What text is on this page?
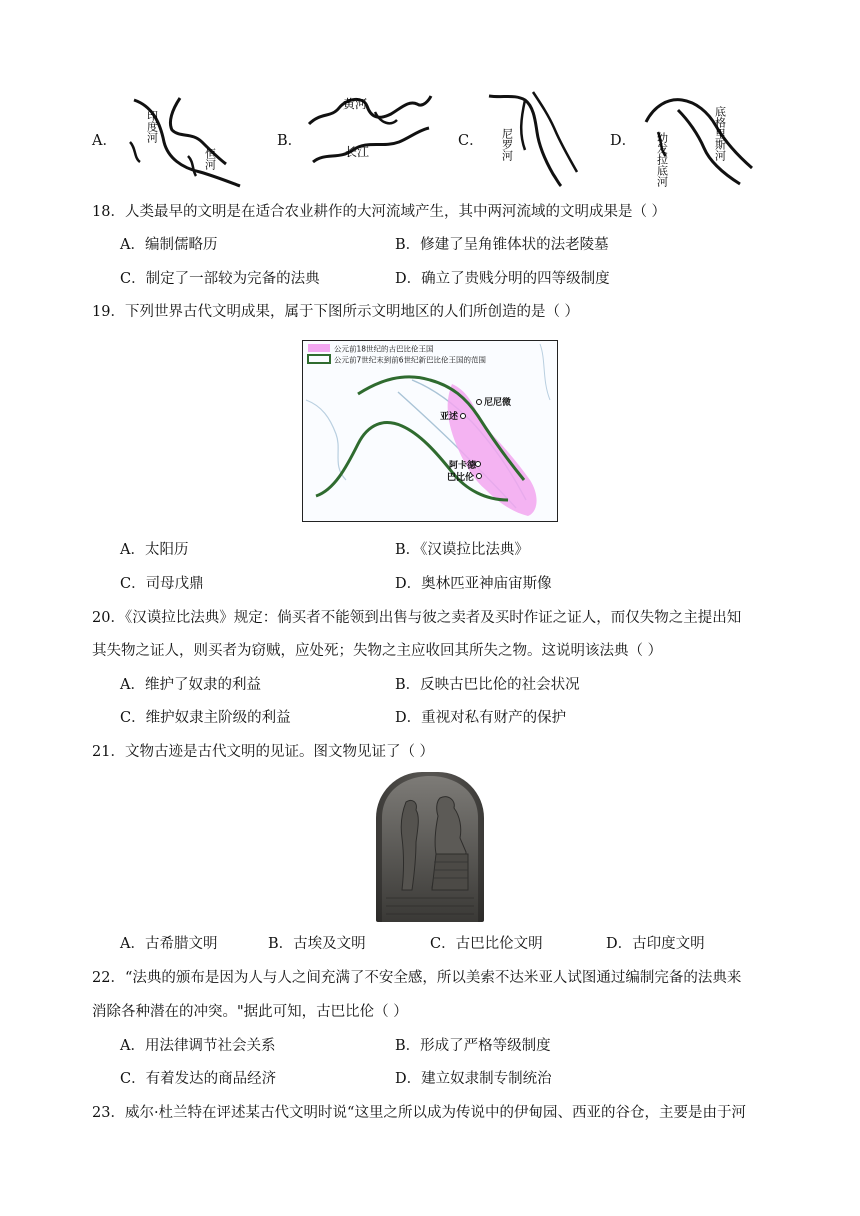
A．	印度河
恒河
B．
黄河
长江
C． 尼罗河	D． 幼发拉底河	底格里斯河
18．人类最早的文明是在适合农业耕作的大河流域产生，其中两河流域的文明成果是（ ）
A．编制儒略历	B．修建了呈角锥体状的法老陵墓
C．制定了一部较为完备的法典	D．确立了贵贱分明的四等级制度
19．下列世界古代文明成果，属于下图所示文明地区的人们所创造的是（ ）
公元前18世纪的古巴比伦王国
公元前7世纪末到前6世纪新巴比伦王国的范围
尼尼微
亚述
阿卡德
巴比伦
A．太阳历	B．《汉谟拉比法典》
C．司母戊鼎	D．奥林匹亚神庙宙斯像
20．《汉谟拉比法典》规定：倘买者不能领到出售与彼之卖者及买时作证之证人，而仅失物之主提出知
其失物之证人，则买者为窃贼，应处死；失物之主应收回其所失之物。这说明该法典（ ）
A．维护了奴隶的利益	B．反映古巴比伦的社会状况
C．维护奴隶主阶级的利益	D．重视对私有财产的保护
21．文物古迹是古代文明的见证。图文物见证了（ ）
A．古希腊文明	B．古埃及文明	C．古巴比伦文明	D．古印度文明
22．“法典的颁布是因为人与人之间充满了不安全感，所以美索不达米亚人试图通过编制完备的法典来
消除各种潜在的冲突。"据此可知，古巴比伦（ ）
A．用法律调节社会关系	B．形成了严格等级制度
C．有着发达的商品经济	D．建立奴隶制专制统治
23．威尔·杜兰特在评述某古代文明时说“这里之所以成为传说中的伊甸园、西亚的谷仓，主要是由于河
